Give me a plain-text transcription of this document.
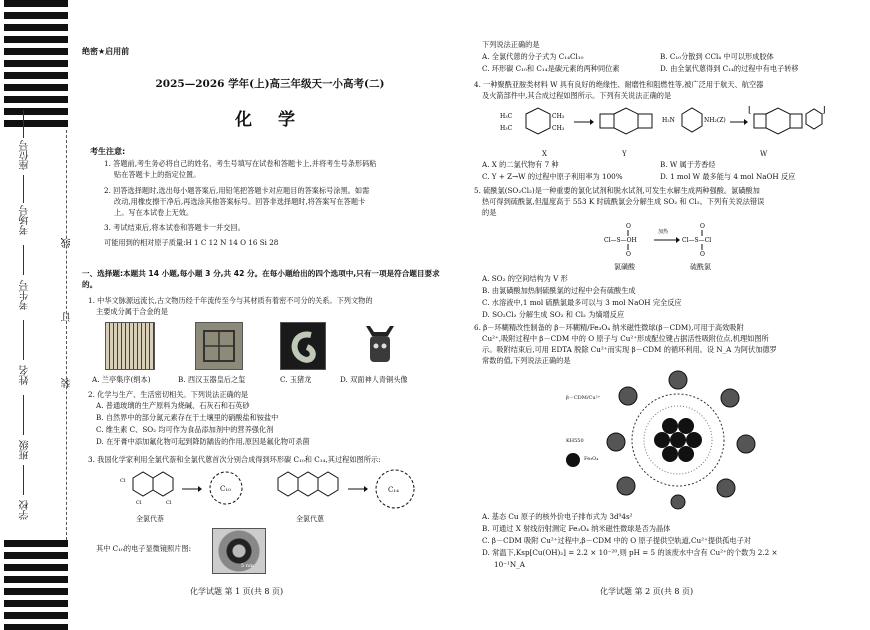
座位号
考场号
考生号
姓名
班级
学校
线
订
装
绝密★启用前
2025—2026 学年(上)高三年级天一小高考(二)
化 学
考生注意:
1. 答题前,考生务必将自己的姓名、考生号填写在试卷和答题卡上,并将考生号条形码粘
贴在答题卡上的指定位置。
2. 回答选择题时,选出每小题答案后,用铅笔把答题卡对应题目的答案标号涂黑。如需
改动,用橡皮擦干净后,再选涂其他答案标号。回答非选择题时,将答案写在答题卡
上。写在本试卷上无效。
3. 考试结束后,将本试卷和答题卡一并交回。
可能用到的相对原子质量:H 1 C 12 N 14 O 16 Si 28
一、选择题:本题共 14 小题,每小题 3 分,共 42 分。在每小题给出的四个选项中,只有一项是符合题目要求的。
1. 中华文脉源远流长,古文物历经千年流传至今与其材质有着密不可分的关系。下列文物的
主要成分属于合金的是
A. 兰亭集序(绢本)	B. 西汉玉器皇后之玺	C. 玉猪龙	D. 双面神人青铜头像
2. 化学与生产、生活密切相关。下列说法正确的是
A. 普通玻璃的生产原料为烧碱、石灰石和石英砂
B. 自然界中的部分氮元素存在于土壤里的硝酸盐和铵盐中
C. 维生素 C、SO₂ 均可作为食品添加剂中的营养强化剂
D. 在牙膏中添加氟化物可起到降防龋齿的作用,原因是氟化物可杀菌
3. 我国化学家利用全氯代萘和全氯代蒽首次分别合成得到环形碳 C₁₀和 C₁₄,其过程如图所示:
Cl
Cl
Cl
全氯代萘
C₁₀
全氯代蒽
C₁₄
其中 C₁₀的电子显微镜照片图:
5 nm
化学试题 第 1 页(共 8 页)
下列说法正确的是
A. 全氯代蒽的分子式为 C₁₄Cl₁₀	B. C₁₀分散到 CCl₄ 中可以形成胶体
C. 环形碳 C₁₀和 C₁₄是碳元素的两种同位素	D. 由全氯代蒽得到 C₁₄的过程中有电子转移
4. 一种聚酰亚胺类材料 W 具有良好的绝缘性、耐磨性和阻燃性等,被广泛用于航天、航空器
及火箭部件中,其合成过程如图所示。下列有关说法正确的是
H₃C
H₃C
CH₃
CH₃
H₂N	NH₂(Z)
[	]
X	Y	W
A. X 的二氯代物有 7 种	B. W 属于芳香烃
C. Y + Z→W 的过程中原子利用率为 100%	D. 1 mol W 最多能与 4 mol NaOH 反应
5. 硫酰氯(SO₂Cl₂)是一种重要的氯化试剂和脱水试剂,可发生水解生成两种强酸。氯磺酸加
热可得到硫酰氯,但温度高于 553 K 时硫酰氯会分解生成 SO₂ 和 Cl₂。下列有关说法错误
的是
O
Cl—S—OH
O
O
Cl—S—Cl
O
加热
氯磺酸	硫酰氯
A. SO₂ 的空间结构为 V 形
B. 由氯磺酸加热制硫酰氯的过程中会有硫酸生成
C. 水溶液中,1 mol 硫酰氯最多可以与 3 mol NaOH 完全反应
D. SO₂Cl₂ 分解生成 SO₂ 和 Cl₂ 为熵增反应
6. β－环糊精改性制备的 β－环糊精/Fe₃O₄ 纳米磁性微球(β－CDM),可用于高效吸附
Cu²⁺,吸附过程中 β－CDM 中的 O 原子与 Cu²⁺形成配位键占据活性吸附位点,机理如图所
示。吸附结束后,可用 EDTA 脱除 Cu²⁺而实现 β－CDM 的循环利用。设 N_A 为阿伏加德罗
常数的值,下列说法正确的是
β－CDM/Cu²⁺
KH550
Fe₃O₄
A. 基态 Cu 原子的核外价电子排布式为 3d⁹4s²
B. 可通过 X 射线衍射测定 Fe₃O₄ 纳米磁性微球是否为晶体
C. β－CDM 吸附 Cu²⁺过程中,β－CDM 中的 O 原子提供空轨道,Cu²⁺提供孤电子对
D. 常温下,Ksp[Cu(OH)₂] = 2.2 × 10⁻²⁰,则 pH = 5 的该废水中含有 Cu²⁺的个数为 2.2 ×
10⁻¹N_A
化学试题 第 2 页(共 8 页)
